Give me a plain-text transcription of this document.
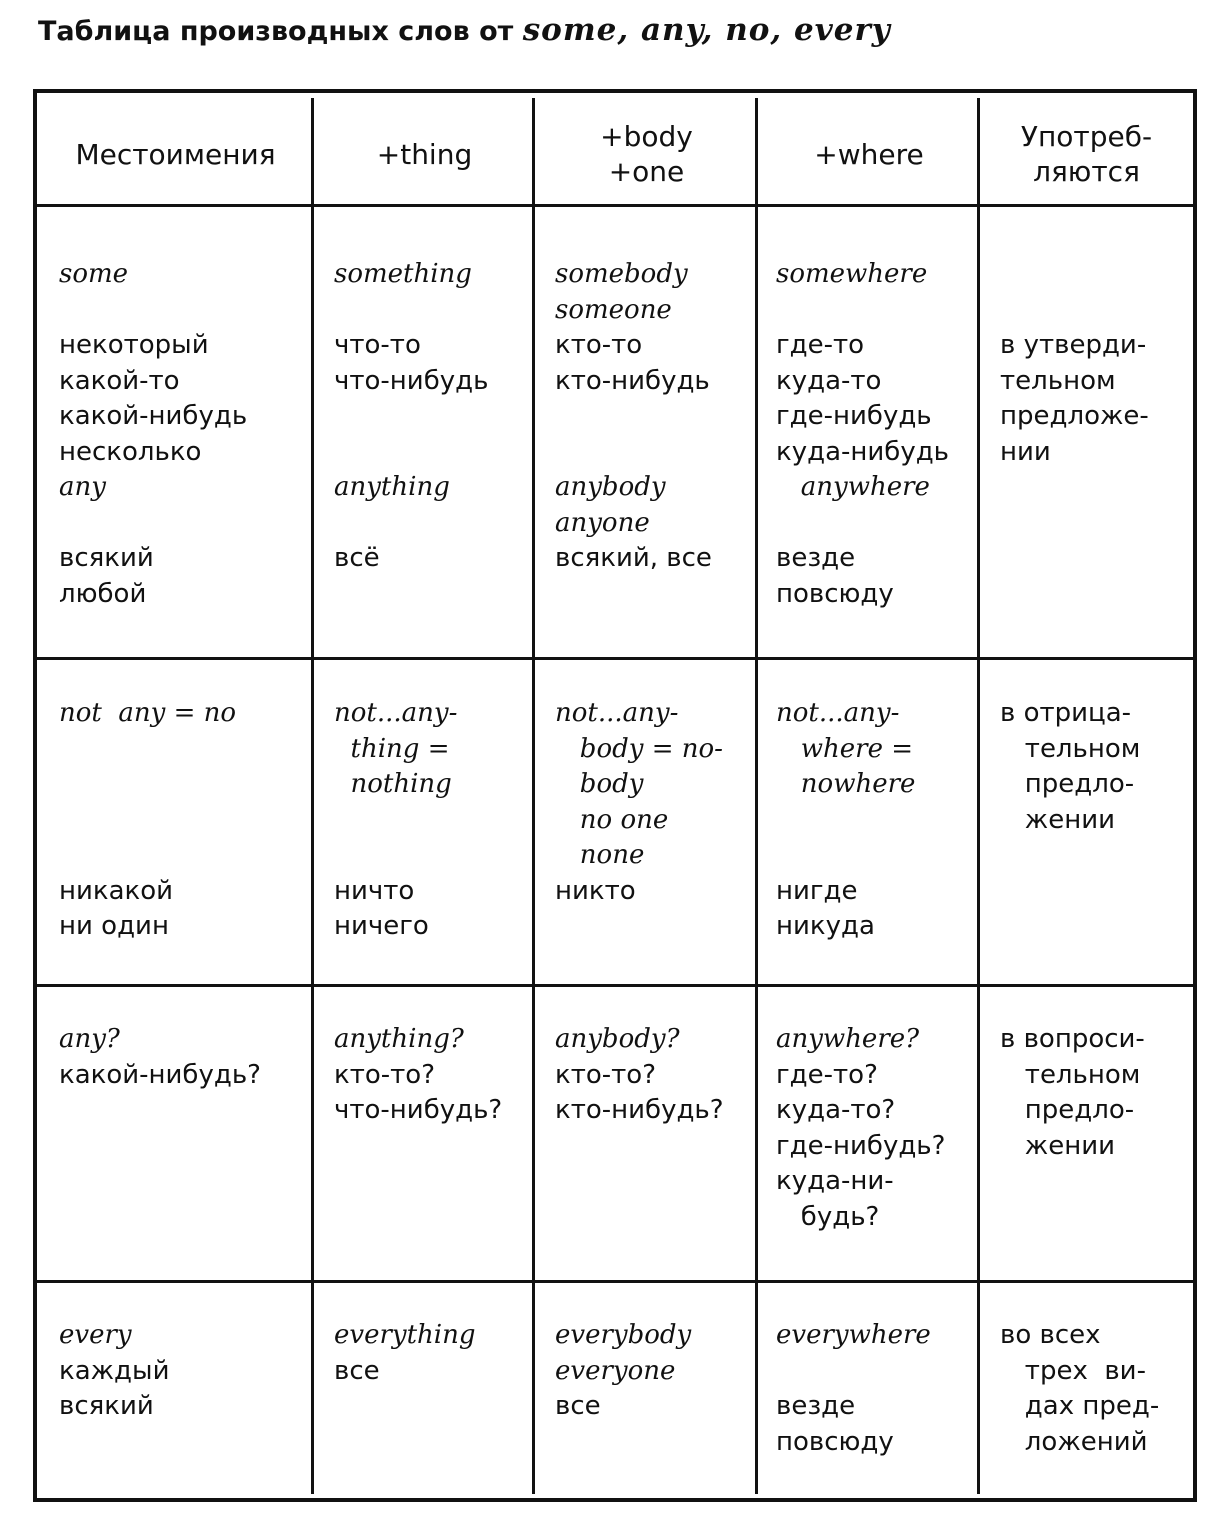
Таблица производных слов от some, any, no, every
Местоимения	+thing
+body
+one
+where
Употреб-
ляются
some
некоторый
какой-то
какой-нибудь
несколько
any
всякий
любой
something
что-то
что-нибудь
anything
всё
somebody
someone
кто-то
кто-нибудь
anybody
anyone
всякий, все
somewhere
где-то
куда-то
где-нибудь
куда-нибудь
anywhere
везде
повсюду
в утверди-
тельном
предложе-
нии
not  any = no
никакой
ни один
not...any-
thing =
nothing
ничто
ничего
not...any-
body = no-
body
no one
none
никто
not...any-
where =
nowhere
нигде
никуда
в отрица-
тельном
предло-
жении
any?
какой-нибудь?
anything?
кто-то?
что-нибудь?
anybody?
кто-то?
кто-нибудь?
anywhere?
где-то?
куда-то?
где-нибудь?
куда-ни-
будь?
в вопроси-
тельном
предло-
жении
every
каждый
всякий
everything
все
everybody
everyone
все
everywhere
везде
повсюду
во всех
трех  ви-
дах пред-
ложений
